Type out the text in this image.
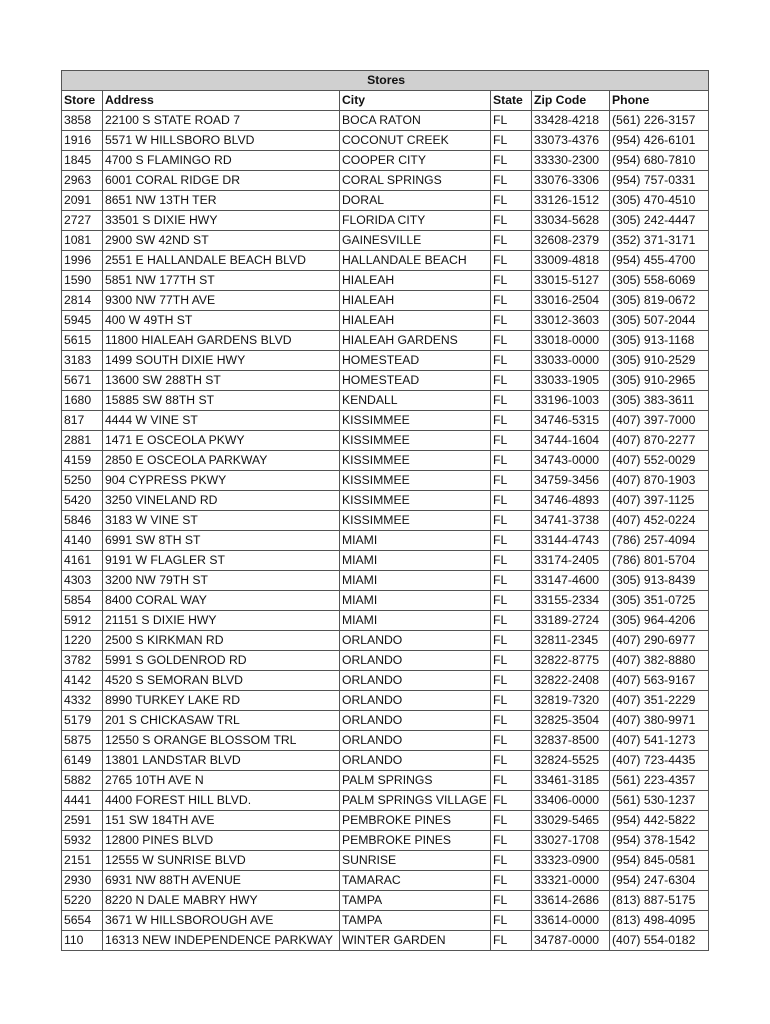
Stores					
Store	Address	City	State	Zip Code	Phone
3858	22100 S STATE ROAD 7	BOCA RATON	FL	33428-4218	(561) 226-3157
1916	5571 W HILLSBORO BLVD	COCONUT CREEK	FL	33073-4376	(954) 426-6101
1845	4700 S FLAMINGO RD	COOPER CITY	FL	33330-2300	(954) 680-7810
2963	6001 CORAL RIDGE DR	CORAL SPRINGS	FL	33076-3306	(954) 757-0331
2091	8651 NW 13TH TER	DORAL	FL	33126-1512	(305) 470-4510
2727	33501 S DIXIE HWY	FLORIDA CITY	FL	33034-5628	(305) 242-4447
1081	2900 SW 42ND ST	GAINESVILLE	FL	32608-2379	(352) 371-3171
1996	2551 E HALLANDALE BEACH BLVD	HALLANDALE BEACH	FL	33009-4818	(954) 455-4700
1590	5851 NW 177TH ST	HIALEAH	FL	33015-5127	(305) 558-6069
2814	9300 NW 77TH AVE	HIALEAH	FL	33016-2504	(305) 819-0672
5945	400 W 49TH ST	HIALEAH	FL	33012-3603	(305) 507-2044
5615	11800 HIALEAH GARDENS BLVD	HIALEAH GARDENS	FL	33018-0000	(305) 913-1168
3183	1499 SOUTH DIXIE HWY	HOMESTEAD	FL	33033-0000	(305) 910-2529
5671	13600 SW 288TH ST	HOMESTEAD	FL	33033-1905	(305) 910-2965
1680	15885 SW 88TH ST	KENDALL	FL	33196-1003	(305) 383-3611
817	4444 W VINE ST	KISSIMMEE	FL	34746-5315	(407) 397-7000
2881	1471 E OSCEOLA PKWY	KISSIMMEE	FL	34744-1604	(407) 870-2277
4159	2850 E OSCEOLA PARKWAY	KISSIMMEE	FL	34743-0000	(407) 552-0029
5250	904 CYPRESS PKWY	KISSIMMEE	FL	34759-3456	(407) 870-1903
5420	3250 VINELAND RD	KISSIMMEE	FL	34746-4893	(407) 397-1125
5846	3183 W VINE ST	KISSIMMEE	FL	34741-3738	(407) 452-0224
4140	6991 SW 8TH ST	MIAMI	FL	33144-4743	(786) 257-4094
4161	9191 W FLAGLER ST	MIAMI	FL	33174-2405	(786) 801-5704
4303	3200 NW 79TH ST	MIAMI	FL	33147-4600	(305) 913-8439
5854	8400 CORAL WAY	MIAMI	FL	33155-2334	(305) 351-0725
5912	21151 S DIXIE HWY	MIAMI	FL	33189-2724	(305) 964-4206
1220	2500 S KIRKMAN RD	ORLANDO	FL	32811-2345	(407) 290-6977
3782	5991 S GOLDENROD RD	ORLANDO	FL	32822-8775	(407) 382-8880
4142	4520 S SEMORAN BLVD	ORLANDO	FL	32822-2408	(407) 563-9167
4332	8990 TURKEY LAKE RD	ORLANDO	FL	32819-7320	(407) 351-2229
5179	201 S CHICKASAW TRL	ORLANDO	FL	32825-3504	(407) 380-9971
5875	12550 S ORANGE BLOSSOM TRL	ORLANDO	FL	32837-8500	(407) 541-1273
6149	13801 LANDSTAR BLVD	ORLANDO	FL	32824-5525	(407) 723-4435
5882	2765 10TH AVE N	PALM SPRINGS	FL	33461-3185	(561) 223-4357
4441	4400 FOREST HILL BLVD.	PALM SPRINGS VILLAGE	FL	33406-0000	(561) 530-1237
2591	151 SW 184TH AVE	PEMBROKE PINES	FL	33029-5465	(954) 442-5822
5932	12800 PINES BLVD	PEMBROKE PINES	FL	33027-1708	(954) 378-1542
2151	12555 W SUNRISE BLVD	SUNRISE	FL	33323-0900	(954) 845-0581
2930	6931 NW 88TH AVENUE	TAMARAC	FL	33321-0000	(954) 247-6304
5220	8220 N DALE MABRY HWY	TAMPA	FL	33614-2686	(813) 887-5175
5654	3671 W HILLSBOROUGH AVE	TAMPA	FL	33614-0000	(813) 498-4095
110	16313 NEW INDEPENDENCE PARKWAY	WINTER GARDEN	FL	34787-0000	(407) 554-0182
